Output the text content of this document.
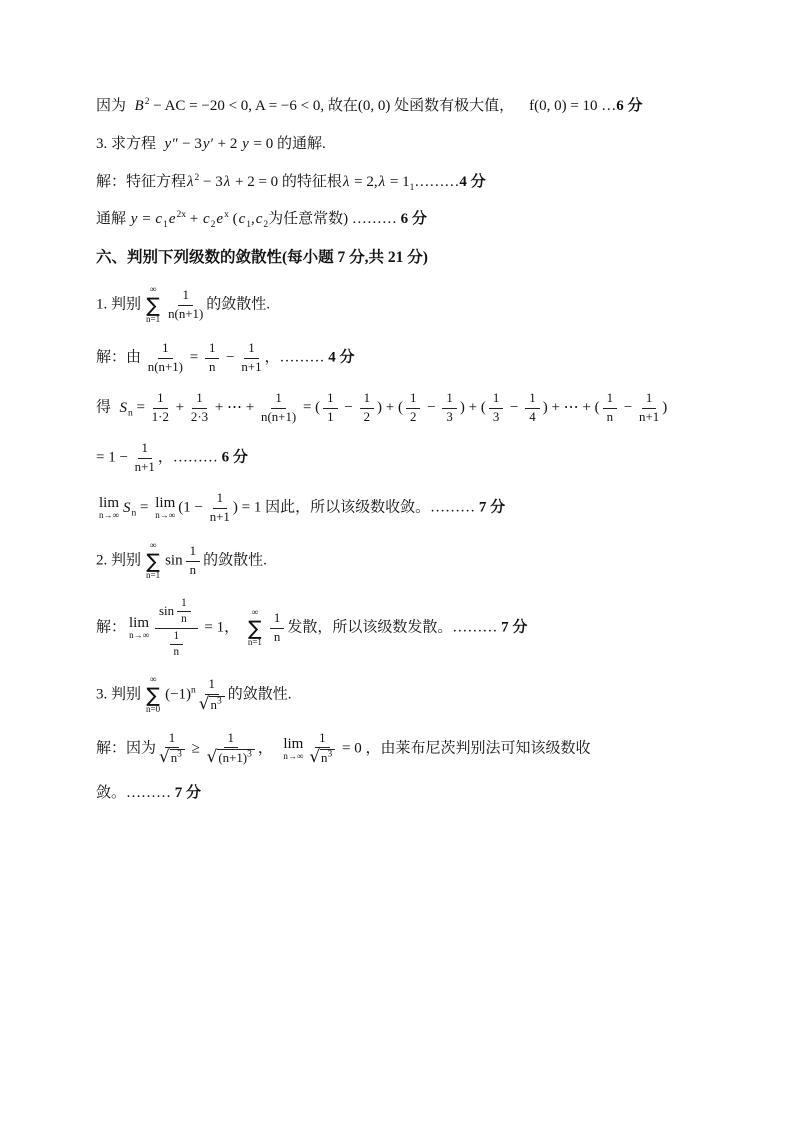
因为  $B^2$ − AC = −20 < 0, A = −6 < 0, 故在(0, 0) 处函数有极大值，    f(0, 0) = 10 …6 分
3. 求方程  y″ − 3y′ + 2 y = 0 的通解.
解：特征方程$\lambda^2 - 3\lambda + 2 = 0$ 的特征根$\lambda = 2,\lambda = 1_1\dots\dots\dots 4$ 分
通解 $y = c_1e^{2x} + c_2e^x$ ($c_1,c_2$为任意常数) ……… 6 分
六、判别下列级数的敛散性(每小题 7 分,共 21 分)
1. 判别
∞
∑
$n=1 \frac{1}{n(n+1)}$ 的敛散性.
解：由 $\frac{1}{n(n+1)} = \frac{1}{n} - \frac{1}{n+1}$ ，……… 4 分
得  $S_n = \frac{1}{1\cdot 2} + \frac{1}{2\cdot 3}$ + ⋯ + $\frac{1}{n(n+1)}$ = ( $\frac{1}{1} - \frac{1}{2}$ ) + ( $\frac{1}{2} - \frac{1}{3}$ ) + ( $\frac{1}{3} - \frac{1}{4}$ ) + ⋯ + ( $\frac{1}{n} - \frac{1}{n+1}$ )
= $1 - \frac{1}{n+1}$ ，……… 6 分
lim
n→∞ $S_n = \lim$
n→∞ ($1 - \frac{1}{n+1}$ ) = 1 因此，所以该级数收敛。……… 7 分
2. 判别
∞
∑
n=1
$\sin \frac{1}{n}$ 的敛散性.
解： lim
$n\to\infty \frac{\sin \frac{1}{n}}{\frac{1}{n}} = 1$，
∞
∑
$n=1 \frac{1}{n}$ 发散，所以该级数发散。……… 7 分
3. 判别
∞
∑
n=0
$(-1)^n \frac{1}{√ n^3}$ 的敛散性.
解：因为 $\frac{1}{√ n^3} \ge \frac{1}{√ (n+1)^3}$ ， lim
$n\to\infty \frac{1}{√ n^3} = 0$ ，由莱布尼茨判别法可知该级数收
敛。……… 7 分
